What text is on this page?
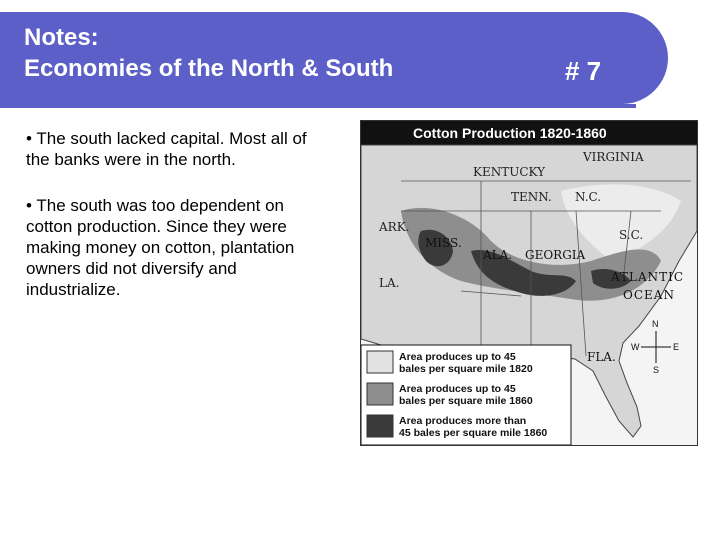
Notes:
Economies of the North & South	# 7

• The south lacked capital. Most all of the banks were in the north.

• The south was too dependent on cotton production. Since they were making money on cotton, plantation owners did not diversify and industrialize.

Cotton Production 1820-1860
VIRGINIA
KENTUCKY
TENN. N.C.
S.C.
ARK.
MISS.
ALA. GEORGIA
LA.
FLA.
ATLANTIC
OCEAN
N
W	E
S
Area produces up to 45
bales per square mile 1820
Area produces up to 45
bales per square mile 1860
Area produces more than
45 bales per square mile 1860
